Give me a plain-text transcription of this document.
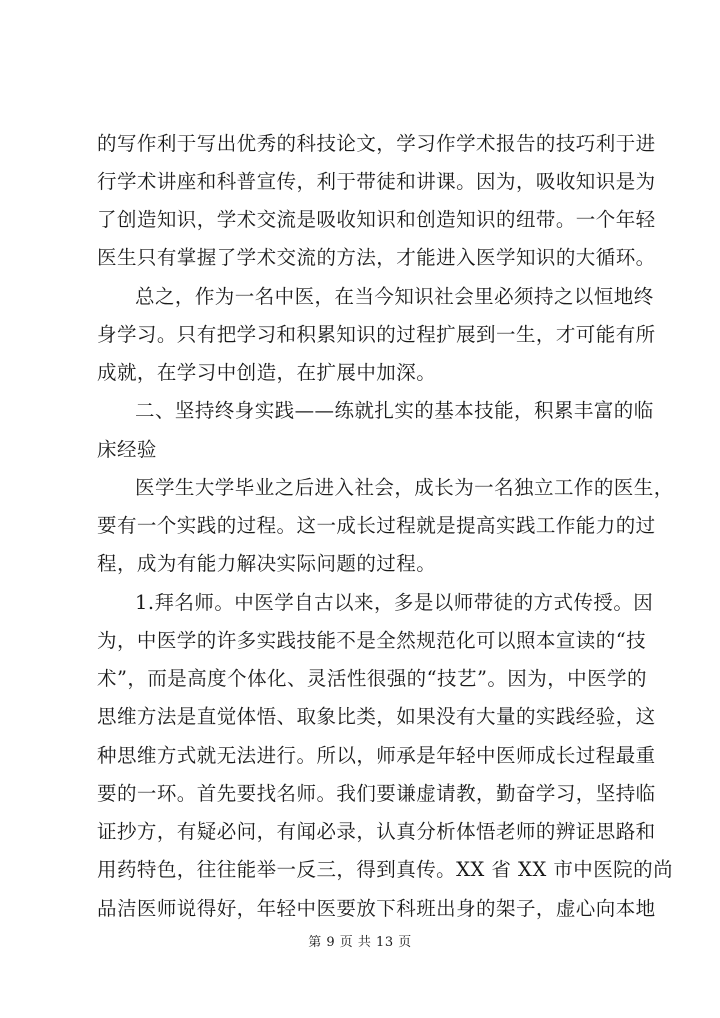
的写作利于写出优秀的科技论文，学习作学术报告的技巧利于进
行学术讲座和科普宣传，利于带徒和讲课。因为，吸收知识是为
了创造知识，学术交流是吸收知识和创造知识的纽带。一个年轻
医生只有掌握了学术交流的方法，才能进入医学知识的大循环。
总之，作为一名中医，在当今知识社会里必须持之以恒地终
身学习。只有把学习和积累知识的过程扩展到一生，才可能有所
成就，在学习中创造，在扩展中加深。
二、坚持终身实践——练就扎实的基本技能，积累丰富的临
床经验
医学生大学毕业之后进入社会，成长为一名独立工作的医生，
要有一个实践的过程。这一成长过程就是提高实践工作能力的过
程，成为有能力解决实际问题的过程。
1.拜名师。中医学自古以来，多是以师带徒的方式传授。因
为，中医学的许多实践技能不是全然规范化可以照本宣读的“技
术”，而是高度个体化、灵活性很强的“技艺”。因为，中医学的
思维方法是直觉体悟、取象比类，如果没有大量的实践经验，这
种思维方式就无法进行。所以，师承是年轻中医师成长过程最重
要的一环。首先要找名师。我们要谦虚请教，勤奋学习，坚持临
证抄方，有疑必问，有闻必录，认真分析体悟老师的辨证思路和
用药特色，往往能举一反三，得到真传。XX 省 XX 市中医院的尚
品洁医师说得好，年轻中医要放下科班出身的架子，虚心向本地
第 9 页 共 13 页
